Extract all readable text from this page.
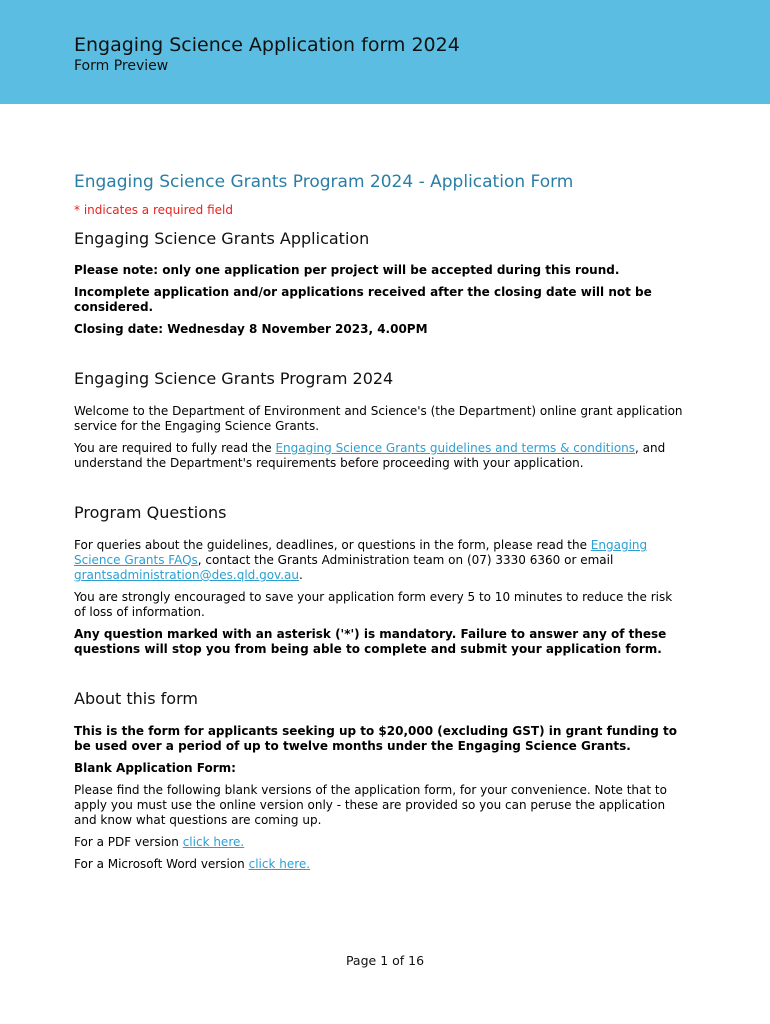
Engaging Science Application form 2024
Form Preview
Engaging Science Grants Program 2024 - Application Form
* indicates a required field
Engaging Science Grants Application

Please note: only one application per project will be accepted during this round.

Incomplete application and/or applications received after the closing date will not be considered.

Closing date: Wednesday 8 November 2023, 4.00PM

Engaging Science Grants Program 2024

Welcome to the Department of Environment and Science's (the Department) online grant application service for the Engaging Science Grants.

You are required to fully read the Engaging Science Grants guidelines and terms & conditions, and understand the Department's requirements before proceeding with your application.

Program Questions

For queries about the guidelines, deadlines, or questions in the form, please read the Engaging Science Grants FAQs, contact the Grants Administration team on (07) 3330 6360 or email grantsadministration@des.qld.gov.au.

You are strongly encouraged to save your application form every 5 to 10 minutes to reduce the risk of loss of information.

Any question marked with an asterisk ('*') is mandatory. Failure to answer any of these questions will stop you from being able to complete and submit your application form.

About this form

This is the form for applicants seeking up to $20,000 (excluding GST) in grant funding to be used over a period of up to twelve months under the Engaging Science Grants.

Blank Application Form:

Please find the following blank versions of the application form, for your convenience. Note that to apply you must use the online version only - these are provided so you can peruse the application and know what questions are coming up.

For a PDF version click here.

For a Microsoft Word version click here.

Page 1 of 16
